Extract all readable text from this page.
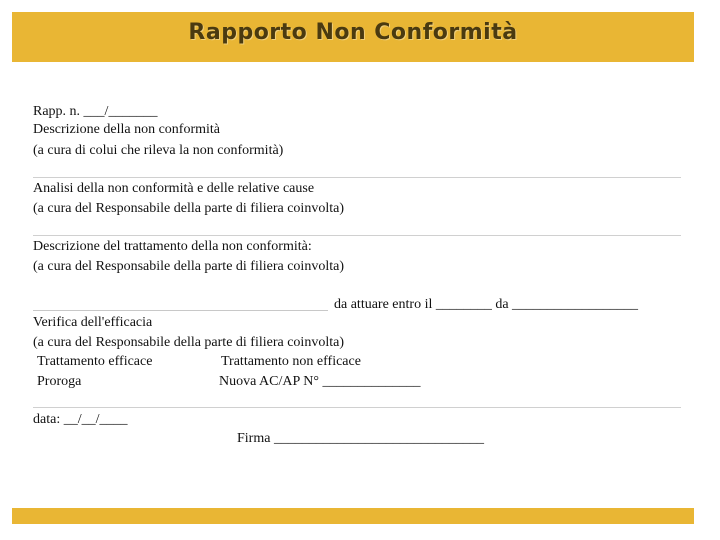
Rapporto Non Conformità
Rapp. n. ___/_______
Descrizione della non conformità
(a cura di colui che rileva la non conformità)
Analisi della non conformità e delle relative cause
(a cura del Responsabile della parte di filiera coinvolta)
Descrizione del trattamento della non conformità:
(a cura del Responsabile della parte di filiera coinvolta)
da attuare entro il ________ da __________________
Verifica dell'efficacia
(a cura del Responsabile della parte di filiera coinvolta)
Trattamento efficace	Trattamento non efficace
Proroga	Nuova AC/AP N° ______________
data: __/__/____
Firma ______________________________
